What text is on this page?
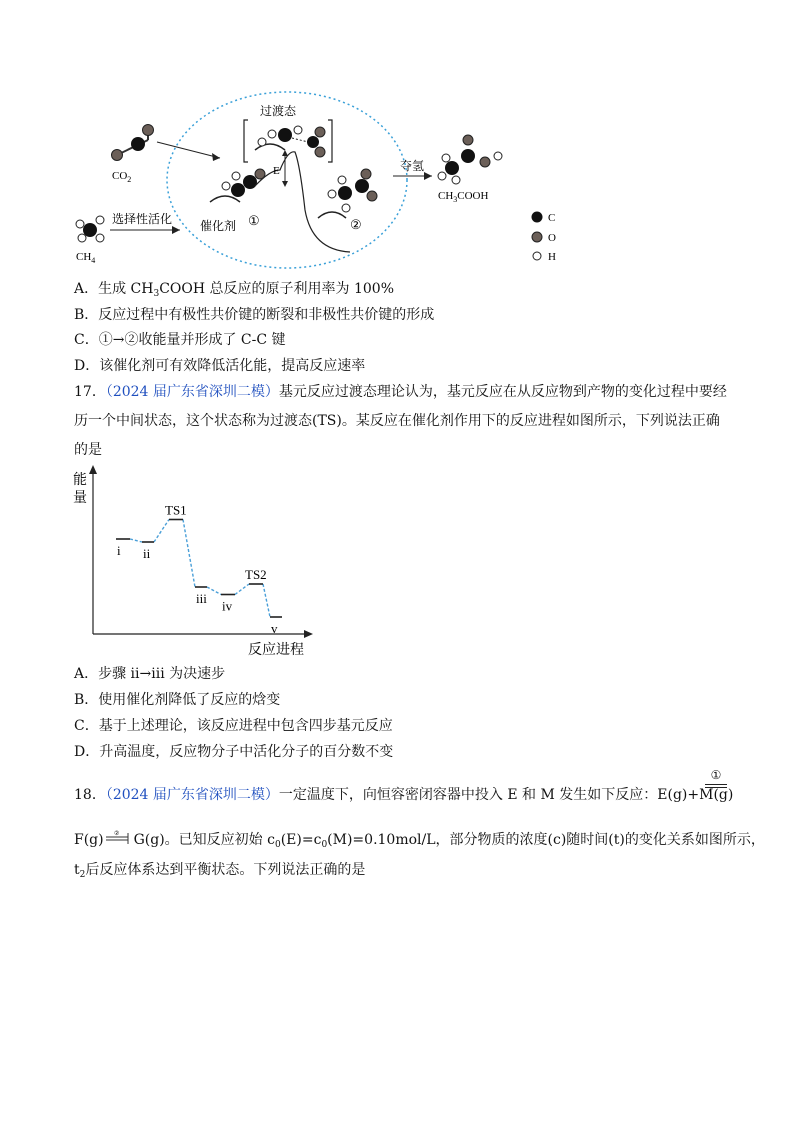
$CO_2$
$CH_4$
选择性活化 催化剂 ①
E
过渡态
②
夺氢
$CH_3COOH$
C
O
H
A．生成 $CH_3COOH$ 总反应的原子利用率为 100%
B．反应过程中有极性共价键的断裂和非极性共价键的形成
C．①→②收能量并形成了 C-C 键
D．该催化剂可有效降低活化能，提高反应速率
17．（2024 届广东省深圳二模）基元反应过渡态理论认为，基元反应在从反应物到产物的变化过程中要经
历一个中间状态，这个状态称为过渡态(TS)。某反应在催化剂作用下的反应进程如图所示，下列说法正确
的是
能
量
反应进程
i ii
TS1
iii iv
TS2
v
A．步骤 ii→iii 为决速步
B．使用催化剂降低了反应的焓变
C．基于上述理论，该反应进程中包含四步基元反应
D．升高温度，反应物分子中活化分子的百分数不变
18．（2024 届广东省深圳二模）一定温度下，向恒容密闭容器中投入 E 和 M 发生如下反应：E(g)+M(g)
①
F(g) ② G(g)。已知反应初始 $c_0(E)=c_0(M)=0.10mol/L$，部分物质的浓度(c)随时间(t)的变化关系如图所示，
$t_2$后反应体系达到平衡状态。下列说法正确的是
